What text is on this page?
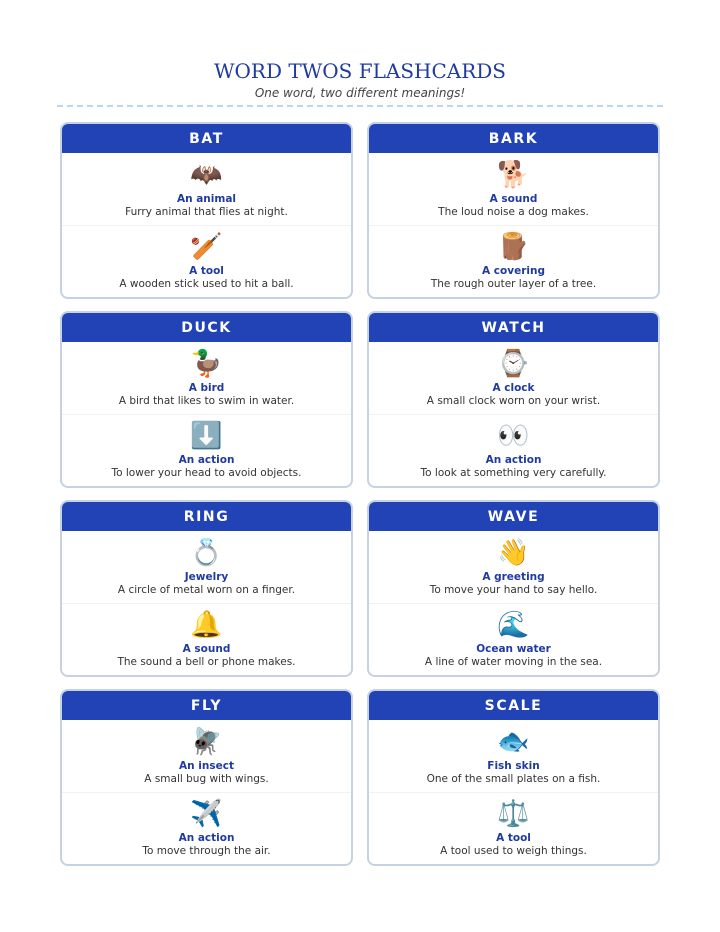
WORD TWOS FLASHCARDS
One word, two different meanings!
BAT
🦇
An animal
Furry animal that flies at night.
🏏
A tool
A wooden stick used to hit a ball.
BARK
🐕
A sound
The loud noise a dog makes.
🪵
A covering
The rough outer layer of a tree.
DUCK
🦆
A bird
A bird that likes to swim in water.
⬇️
An action
To lower your head to avoid objects.
WATCH
⌚
A clock
A small clock worn on your wrist.
👀
An action
To look at something very carefully.
RING
💍
Jewelry
A circle of metal worn on a finger.
🔔
A sound
The sound a bell or phone makes.
WAVE
👋
A greeting
To move your hand to say hello.
🌊
Ocean water
A line of water moving in the sea.
FLY
🪰
An insect
A small bug with wings.
✈️
An action
To move through the air.
SCALE
🐟
Fish skin
One of the small plates on a fish.
⚖️
A tool
A tool used to weigh things.
